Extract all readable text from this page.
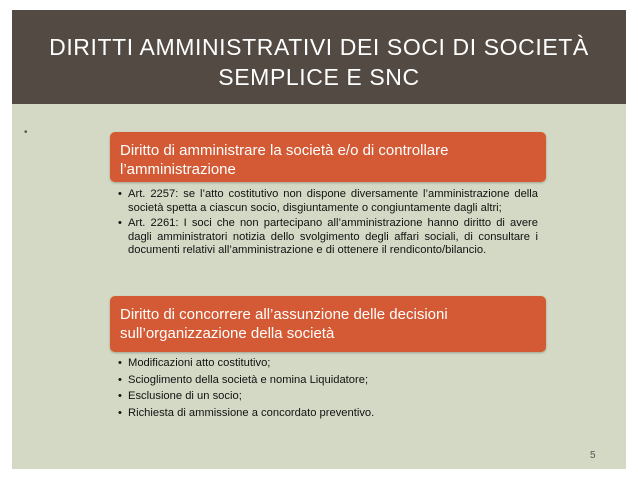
DIRITTI AMMINISTRATIVI DEI SOCI DI SOCIETÀ
SEMPLICE E SNC
•
Diritto di amministrare la società e/o di controllare l’amministrazione
• Art. 2257: se l’atto costitutivo non dispone diversamente l’amministrazione della società spetta a ciascun socio, disgiuntamente o congiuntamente dagli altri;
• Art. 2261: I soci che non partecipano all’amministrazione hanno diritto di avere dagli amministratori notizia dello svolgimento degli affari sociali, di consultare i documenti relativi all’amministrazione e di ottenere il rendiconto/bilancio.
Diritto di concorrere all’assunzione delle decisioni sull’organizzazione della società
• Modificazioni atto costitutivo;
• Scioglimento della società e nomina Liquidatore;
• Esclusione di un socio;
• Richiesta di ammissione a concordato preventivo.
5
